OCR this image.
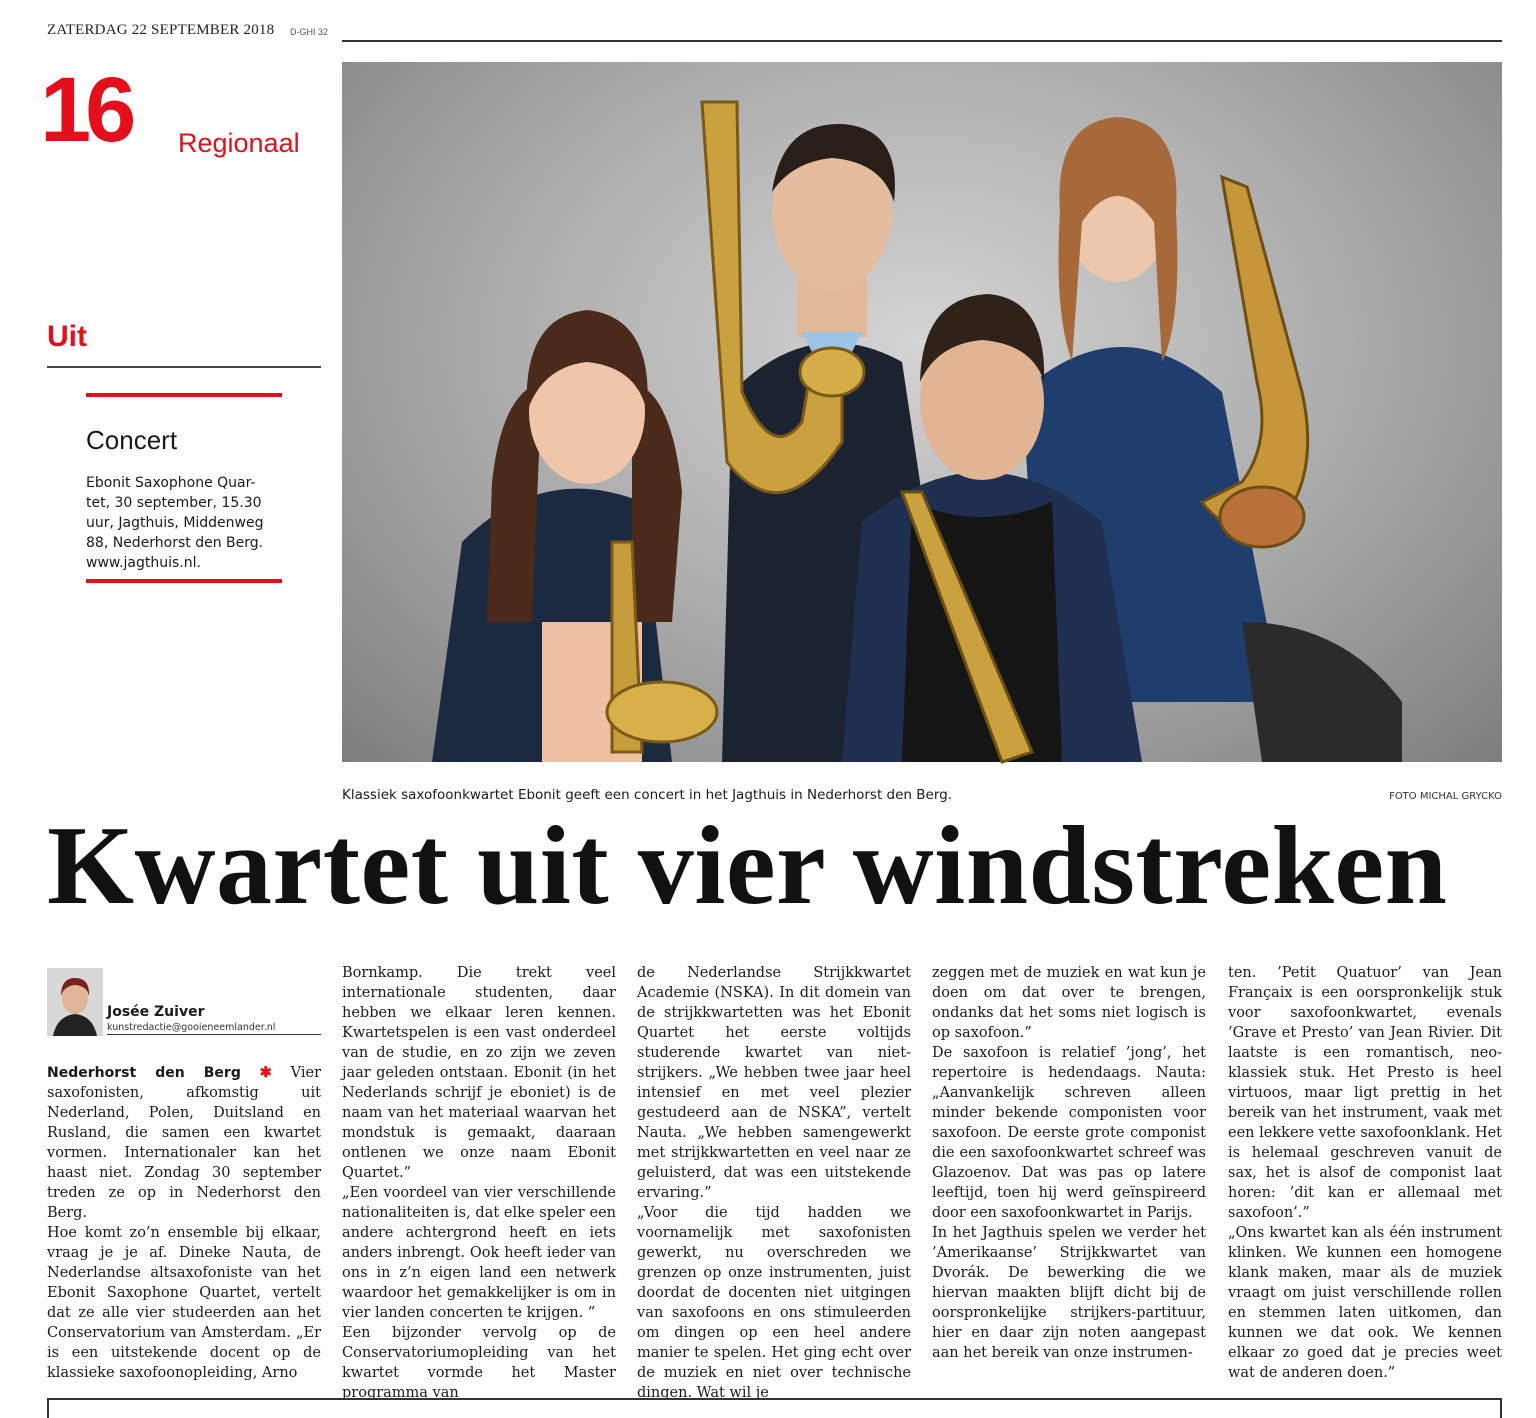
ZATERDAG 22 SEPTEMBER 2018 D-GHI 32
16 Regionaal
Uit
Concert
Ebonit Saxophone Quar-
tet, 30 september, 15.30
uur, Jagthuis, Middenweg
88, Nederhorst den Berg.
www.jagthuis.nl.
Klassiek saxofoonkwartet Ebonit geeft een concert in het Jagthuis in Nederhorst den Berg.	FOTO MICHAL GRYCKO
Kwartet uit vier windstreken
Josée Zuiver
kunstredactie@gooieneemlander.nl

Nederhorst den Berg ✱ Vier saxofonisten, afkomstig uit Nederland, Polen, Duitsland en Rusland, die samen een kwartet vormen. Internationaler kan het haast niet. Zondag 30 september treden ze op in Nederhorst den Berg.

Hoe komt zo’n ensemble bij elkaar, vraag je je af. Dineke Nauta, de Nederlandse altsaxofoniste van het Ebonit Saxophone Quartet, vertelt dat ze alle vier studeerden aan het Conservatorium van Amsterdam. „Er is een uitstekende docent op de klassieke saxofoonopleiding, Arno

Bornkamp. Die trekt veel internationale studenten, daar hebben we elkaar leren kennen. Kwartetspelen is een vast onderdeel van de studie, en zo zijn we zeven jaar geleden ontstaan. Ebonit (in het Nederlands schrijf je eboniet) is de naam van het materiaal waarvan het mondstuk is gemaakt, daaraan ontlenen we onze naam Ebonit Quartet.”

„Een voordeel van vier verschillende nationaliteiten is, dat elke speler een andere achtergrond heeft en iets anders inbrengt. Ook heeft ieder van ons in z’n eigen land een netwerk waardoor het gemakkelijker is om in vier landen concerten te krijgen. ”

Een bijzonder vervolg op de Conservatoriumopleiding van het kwartet vormde het Master programma van

de Nederlandse Strijkkwartet Academie (NSKA). In dit domein van de strijkkwartetten was het Ebonit Quartet het eerste voltijds studerende kwartet van niet-strijkers. „We hebben twee jaar heel intensief en met veel plezier gestudeerd aan de NSKA”, vertelt Nauta. „We hebben samengewerkt met strijkkwartetten en veel naar ze geluisterd, dat was een uitstekende ervaring.”

„Voor die tijd hadden we voornamelijk met saxofonisten gewerkt, nu overschreden we grenzen op onze instrumenten, juist doordat de docenten niet uitgingen van saxofoons en ons stimuleerden om dingen op een heel andere manier te spelen. Het ging echt over de muziek en niet over technische dingen. Wat wil je

zeggen met de muziek en wat kun je doen om dat over te brengen, ondanks dat het soms niet logisch is op saxofoon.”

De saxofoon is relatief ’jong’, het repertoire is hedendaags. Nauta: „Aanvankelijk schreven alleen minder bekende componisten voor saxofoon. De eerste grote componist die een saxofoonkwartet schreef was Glazoenov. Dat was pas op latere leeftijd, toen hij werd geïnspireerd door een saxofoonkwartet in Parijs.

In het Jagthuis spelen we verder het ’Amerikaanse’ Strijkkwartet van Dvorák. De bewerking die we hiervan maakten blijft dicht bij de oorspronkelijke strijkers-partituur, hier en daar zijn noten aangepast aan het bereik van onze instrumen-

ten. ’Petit Quatuor’ van Jean Françaix is een oorspronkelijk stuk voor saxofoonkwartet, evenals ’Grave et Presto’ van Jean Rivier. Dit laatste is een romantisch, neo-klassiek stuk. Het Presto is heel virtuoos, maar ligt prettig in het bereik van het instrument, vaak met een lekkere vette saxofoonklank. Het is helemaal geschreven vanuit de sax, het is alsof de componist laat horen: ’dit kan er allemaal met saxofoon’.”

„Ons kwartet kan als één instrument klinken. We kunnen een homogene klank maken, maar als de muziek vraagt om juist verschillende rollen en stemmen laten uitkomen, dan kunnen we dat ook. We kennen elkaar zo goed dat je precies weet wat de anderen doen.”
